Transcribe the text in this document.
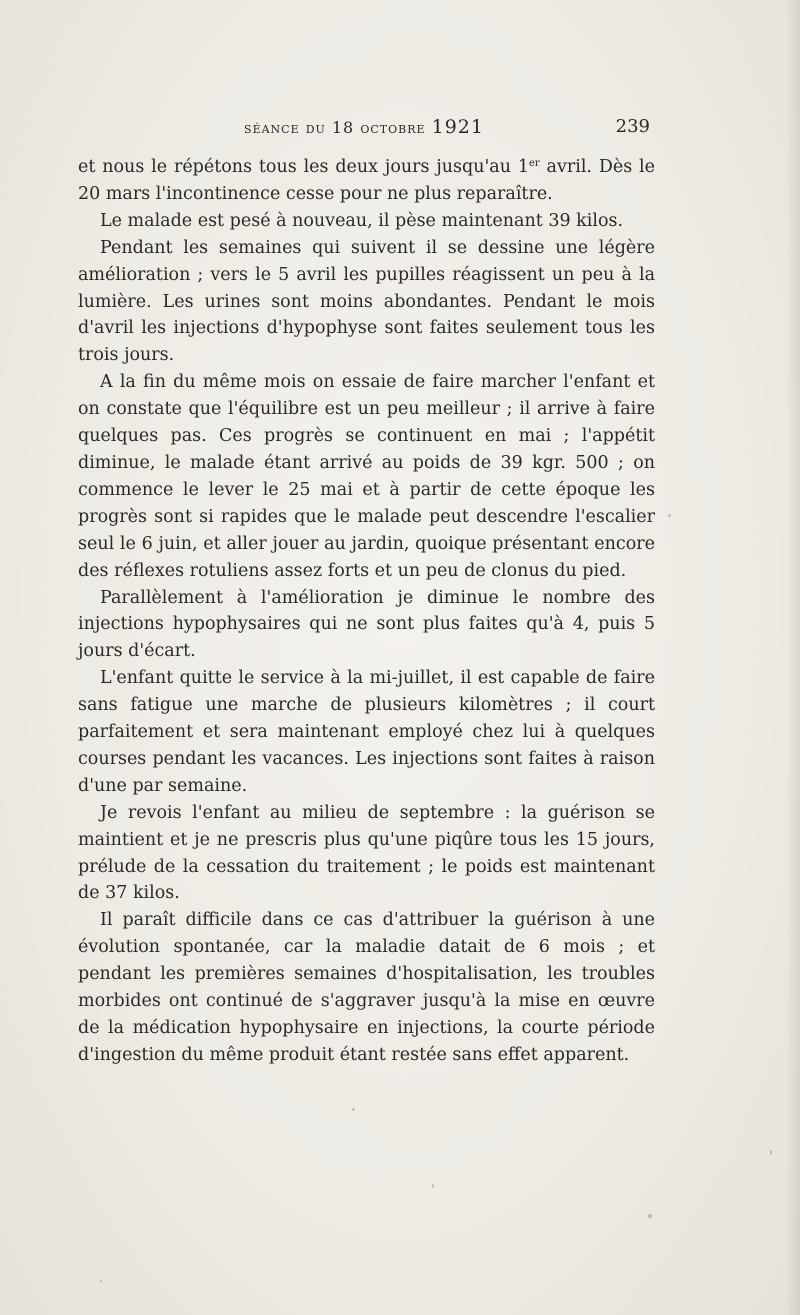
séance du 18 octobre 1921	239

et nous le répétons tous les deux jours jusqu'au 1er avril. Dès le 20 mars l'incontinence cesse pour ne plus reparaître.

Le malade est pesé à nouveau, il pèse maintenant 39 kilos.

Pendant les semaines qui suivent il se dessine une légère amélioration ; vers le 5 avril les pupilles réagissent un peu à la lumière. Les urines sont moins abondantes. Pendant le mois d'avril les injections d'hypophyse sont faites seulement tous les trois jours.

A la fin du même mois on essaie de faire marcher l'enfant et on constate que l'équilibre est un peu meilleur ; il arrive à faire quelques pas. Ces progrès se continuent en mai ; l'appétit diminue, le malade étant arrivé au poids de 39 kgr. 500 ; on commence le lever le 25 mai et à partir de cette époque les progrès sont si rapides que le malade peut descendre l'escalier seul le 6 juin, et aller jouer au jardin, quoique présentant encore des réflexes rotuliens assez forts et un peu de clonus du pied.

Parallèlement à l'amélioration je diminue le nombre des injections hypophysaires qui ne sont plus faites qu'à 4, puis 5 jours d'écart.

L'enfant quitte le service à la mi-juillet, il est capable de faire sans fatigue une marche de plusieurs kilomètres ; il court parfaitement et sera maintenant employé chez lui à quelques courses pendant les vacances. Les injections sont faites à raison d'une par semaine.

Je revois l'enfant au milieu de septembre : la guérison se maintient et je ne prescris plus qu'une piqûre tous les 15 jours, prélude de la cessation du traitement ; le poids est maintenant de 37 kilos.

Il paraît difficile dans ce cas d'attribuer la guérison à une évolution spontanée, car la maladie datait de 6 mois ; et pendant les premières semaines d'hospitalisation, les troubles morbides ont continué de s'aggraver jusqu'à la mise en œuvre de la médication hypophysaire en injections, la courte période d'ingestion du même produit étant restée sans effet apparent.
